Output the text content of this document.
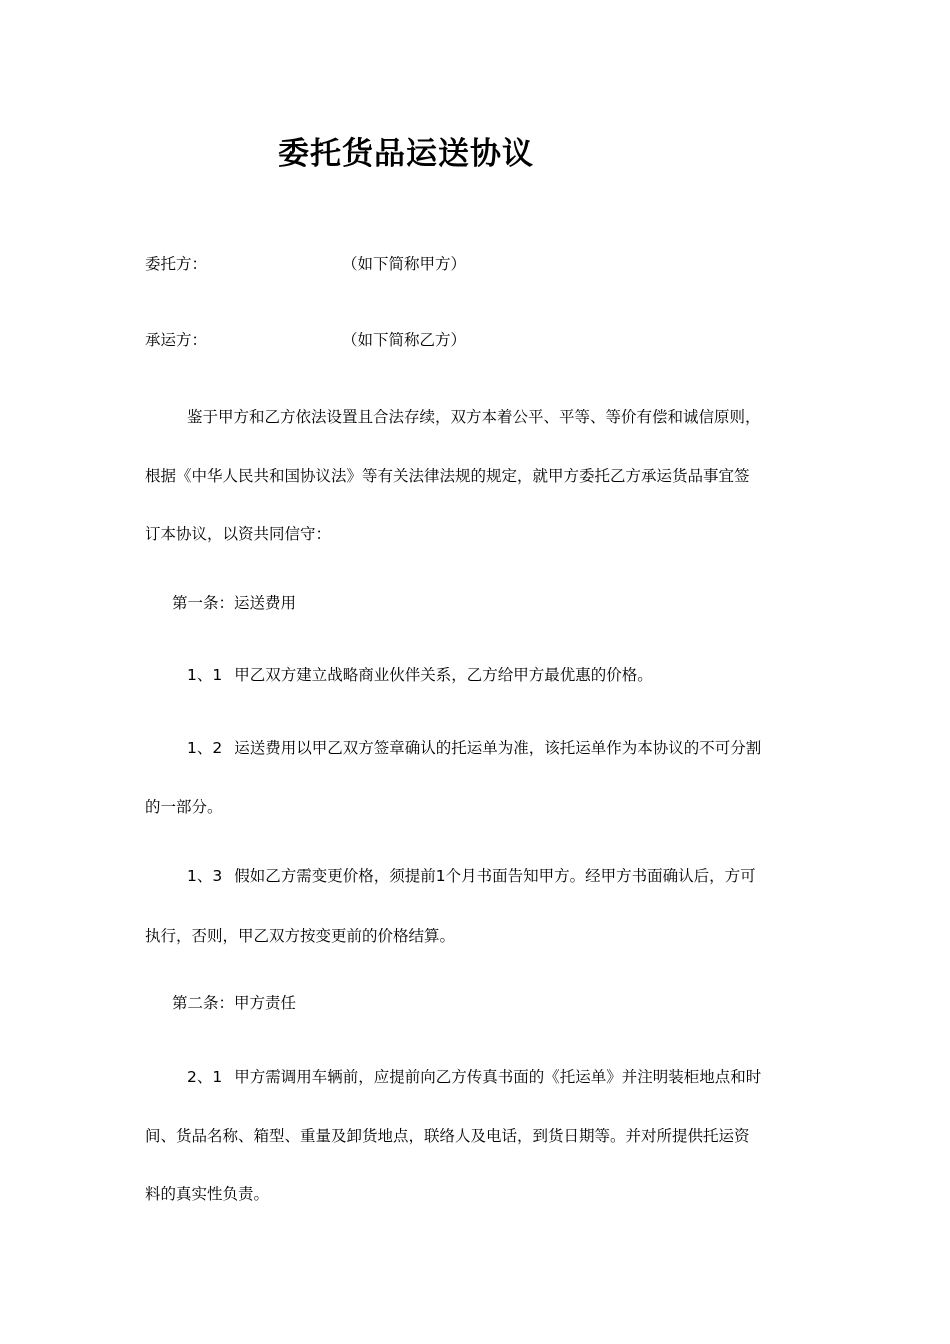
委托货品运送协议
委托方：	（如下简称甲方）
承运方：	（如下简称乙方）
鉴于甲方和乙方依法设置且合法存续，双方本着公平、平等、等价有偿和诚信原则，
根据《中华人民共和国协议法》等有关法律法规的规定，就甲方委托乙方承运货品事宜签
订本协议，以资共同信守：
第一条：运送费用
1、1 甲乙双方建立战略商业伙伴关系，乙方给甲方最优惠的价格。
1、2 运送费用以甲乙双方签章确认的托运单为准，该托运单作为本协议的不可分割
的一部分。
1、3 假如乙方需变更价格，须提前1个月书面告知甲方。经甲方书面确认后，方可
执行，否则，甲乙双方按变更前的价格结算。
第二条：甲方责任
2、1 甲方需调用车辆前，应提前向乙方传真书面的《托运单》并注明装柜地点和时
间、货品名称、箱型、重量及卸货地点，联络人及电话，到货日期等。并对所提供托运资
料的真实性负责。
